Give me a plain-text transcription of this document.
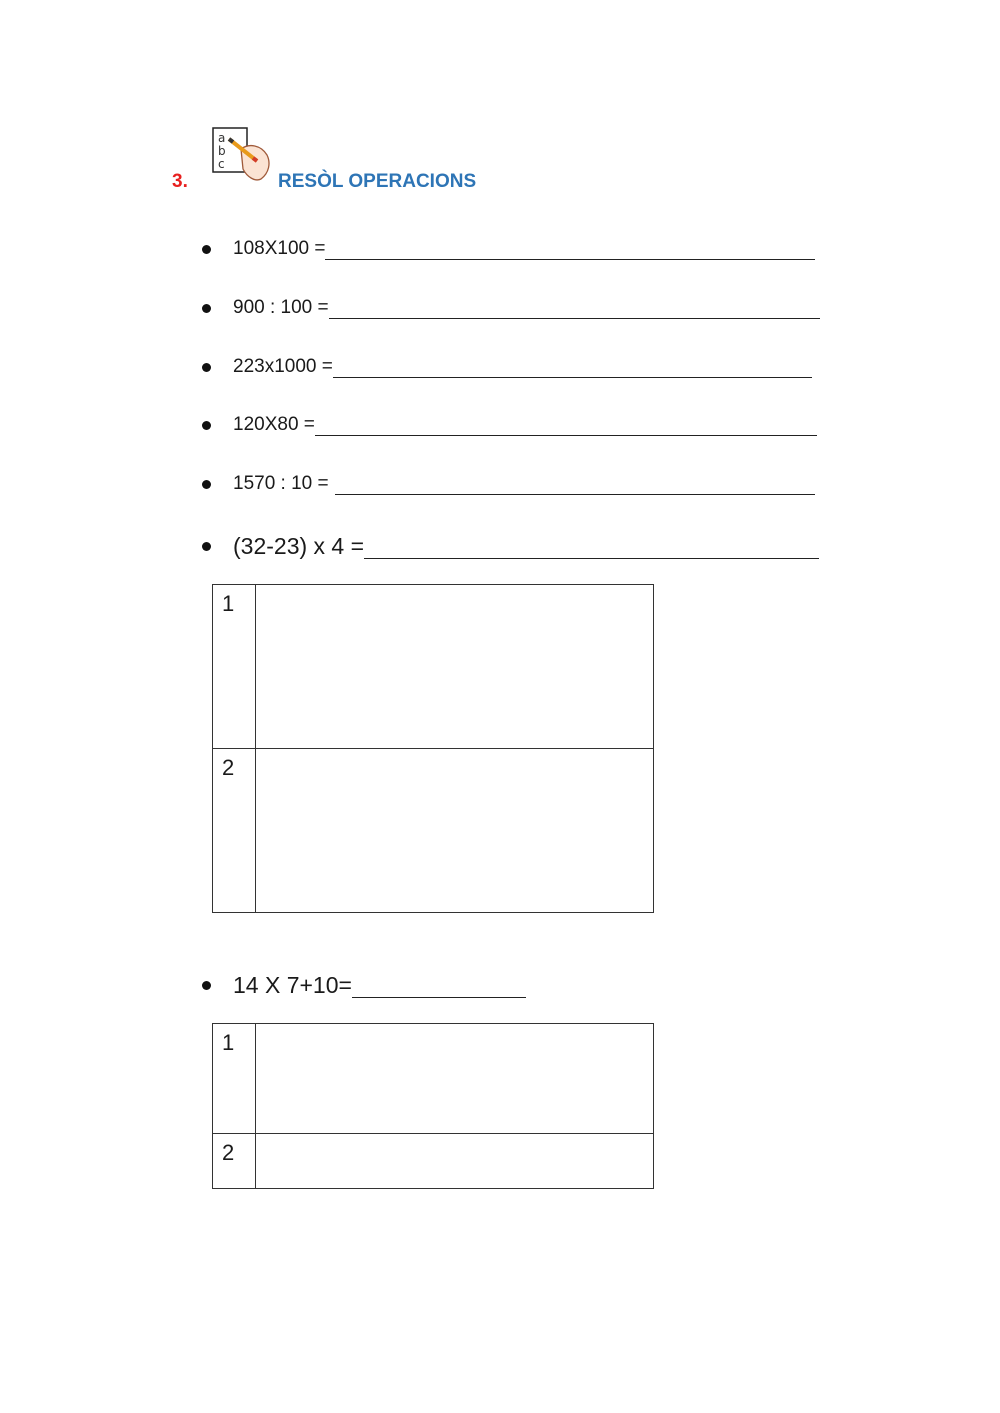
3.
a
b
c
RESÒL OPERACIONS
108X100 =
900 : 100 =
223x1000 =
120X80 =
1570 : 10 =
(32-23) x 4 =
1	
2	
14 X 7+10=
1	
2	
